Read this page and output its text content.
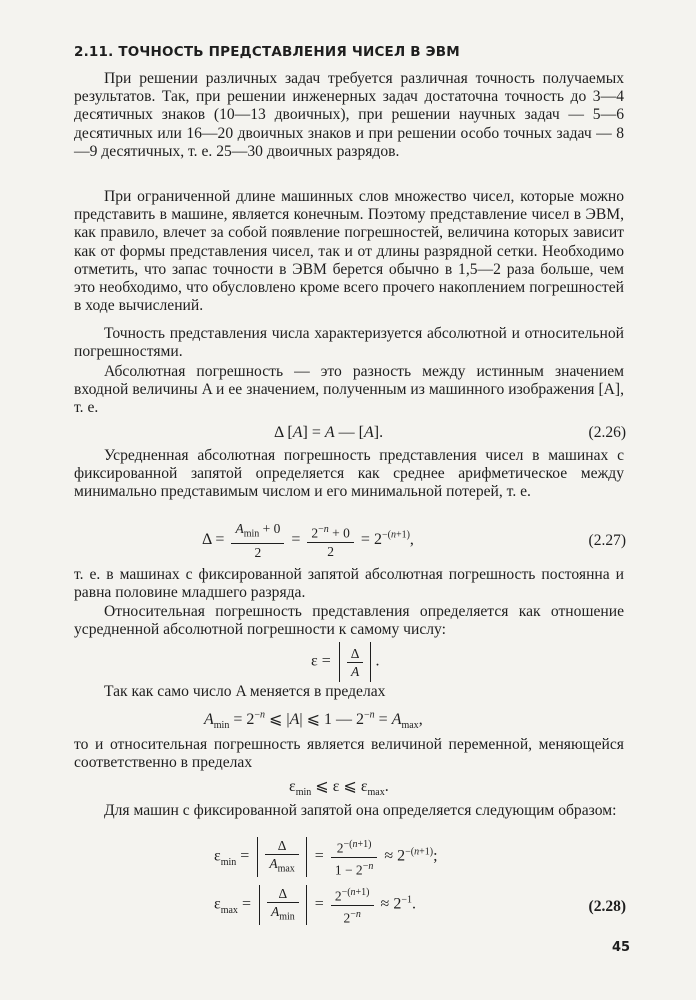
2.11. ТОЧНОСТЬ ПРЕДСТАВЛЕНИЯ ЧИСЕЛ В ЭВМ

При решении различных задач требуется различная точность получаемых результатов. Так, при решении инженерных задач достаточна точность до 3—4 десятичных знаков (10—13 двоичных), при решении научных задач — 5—6 десятичных или 16—20 двоичных знаков и при решении особо точных задач — 8—9 десятичных, т. е. 25—30 двоичных разрядов.

При ограниченной длине машинных слов множество чисел, которые можно представить в машине, является конечным. Поэтому представление чисел в ЭВМ, как правило, влечет за собой появление погрешностей, величина которых зависит как от формы представления чисел, так и от длины разрядной сетки. Необходимо отметить, что запас точности в ЭВМ берется обычно в 1,5—2 раза больше, чем это необходимо, что обусловлено кроме всего прочего накоплением погрешностей в ходе вычислений.

Точность представления числа характеризуется абсолютной и относительной погрешностями.

Абсолютная погрешность — это разность между истинным значением входной величины A и ее значением, полученным из машинного изображения [A], т. е.

Δ [A] = A — [A].	(2.26)

Усредненная абсолютная погрешность представления чисел в машинах с фиксированной запятой определяется как среднее арифметическое между минимально представимым числом и его минимальной потерей, т. е.

$\Delta = \frac{A_{min} + 0}{2} = \frac{2^{-n} + 0}{2} = 2^{-(n+1)}$,	(2.27)

т. е. в машинах с фиксированной запятой абсолютная погрешность постоянна и равна половине младшего разряда.

Относительная погрешность представления определяется как отношение усредненной абсолютной погрешности к самому числу:

$\varepsilon = \frac{\Delta}{A}$ .

Так как само число A меняется в пределах

$A_{min} = 2^{-n}$ ⩽ |A| ⩽ 1 — $2^{-n} = A_{max}$,

то и относительная погрешность является величиной переменной, меняющейся соответственно в пределах

$\varepsilon_{min}$ ⩽ ε ⩽ $\varepsilon_{max}$.

Для машин с фиксированной запятой она определяется следующим образом:

$\varepsilon_{min} = \frac{\Delta}{A_{max}} = \frac{2^{-(n+1)}}{1 - 2^{-n}} \approx 2^{-(n+1)}$;
$\varepsilon_{max} = \frac{\Delta}{A_{min}} = \frac{2^{-(n+1)}}{2^{-n}} \approx 2^{-1}$.	(2.28)
45
